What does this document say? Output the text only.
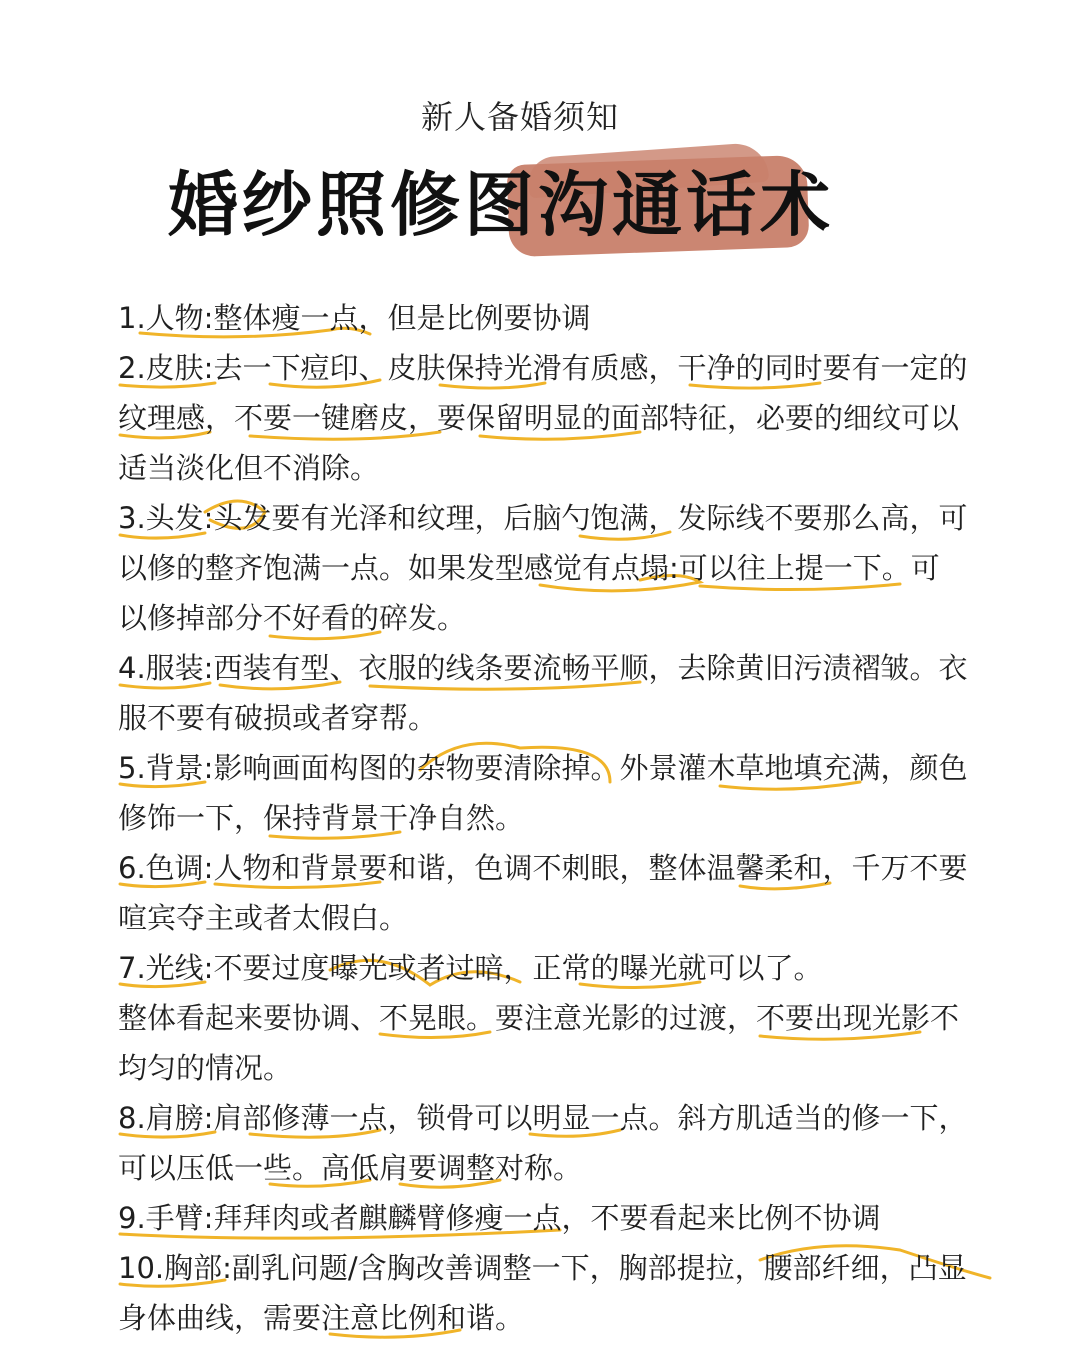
新人备婚须知
婚纱照修图沟通话术

1.人物:整体瘦一点，但是比例要协调

2.皮肤:去一下痘印、皮肤保持光滑有质感，干净的同时要有一定的
纹理感，不要一键磨皮，要保留明显的面部特征，必要的细纹可以
适当淡化但不消除。

3.头发:头发要有光泽和纹理，后脑勺饱满，发际线不要那么高，可
以修的整齐饱满一点。如果发型感觉有点塌:可以往上提一下。可
以修掉部分不好看的碎发。

4.服装:西装有型、衣服的线条要流畅平顺，去除黄旧污渍褶皱。衣
服不要有破损或者穿帮。

5.背景:影响画面构图的杂物要清除掉。外景灌木草地填充满，颜色
修饰一下，保持背景干净自然。

6.色调:人物和背景要和谐，色调不刺眼，整体温馨柔和，千万不要
喧宾夺主或者太假白。

7.光线:不要过度曝光或者过暗，正常的曝光就可以了。
整体看起来要协调、不晃眼。要注意光影的过渡，不要出现光影不
均匀的情况。

8.肩膀:肩部修薄一点，锁骨可以明显一点。斜方肌适当的修一下，
可以压低一些。高低肩要调整对称。

9.手臂:拜拜肉或者麒麟臂修瘦一点，不要看起来比例不协调

10.胸部:副乳问题/含胸改善调整一下，胸部提拉，腰部纤细，凸显
身体曲线，需要注意比例和谐。
